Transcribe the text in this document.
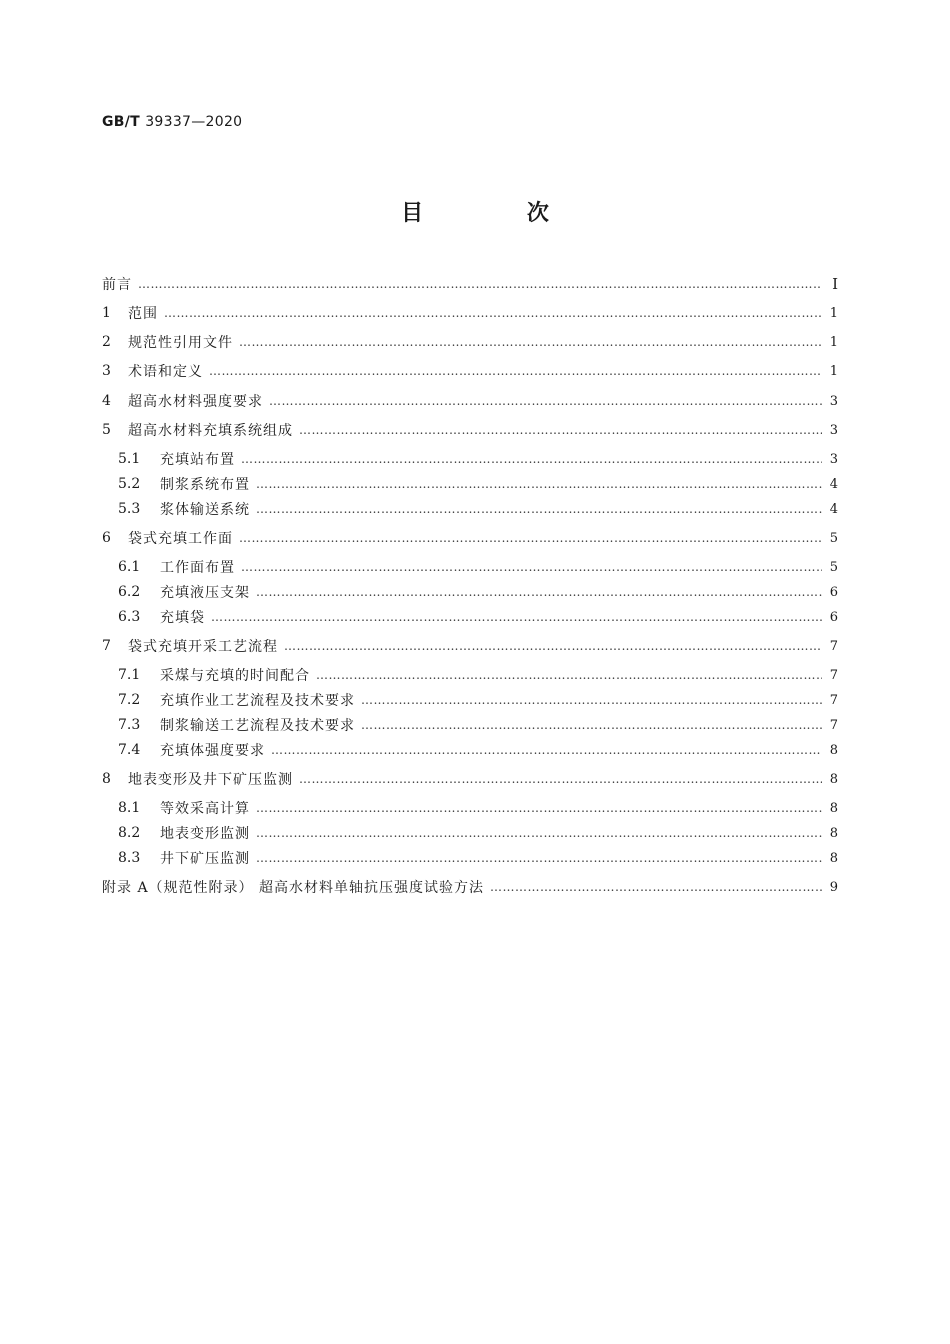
GB/T 39337—2020
目 次
前言 …………………………………………………………………………………………………………………………………………………………………………………………………………………………	I
1	范围 …………………………………………………………………………………………………………………………………………………………………………………………………………………………	1
2	规范性引用文件 …………………………………………………………………………………………………………………………………………………………………………………………………………………………	1
3	术语和定义 …………………………………………………………………………………………………………………………………………………………………………………………………………………………	1
4	超高水材料强度要求 …………………………………………………………………………………………………………………………………………………………………………………………………………………………	3
5	超高水材料充填系统组成 …………………………………………………………………………………………………………………………………………………………………………………………………………………………	3
5.1	充填站布置 …………………………………………………………………………………………………………………………………………………………………………………………………………………………	3
5.2	制浆系统布置 …………………………………………………………………………………………………………………………………………………………………………………………………………………………	4
5.3	浆体输送系统 …………………………………………………………………………………………………………………………………………………………………………………………………………………………	4
6	袋式充填工作面 …………………………………………………………………………………………………………………………………………………………………………………………………………………………	5
6.1	工作面布置 …………………………………………………………………………………………………………………………………………………………………………………………………………………………	5
6.2	充填液压支架 …………………………………………………………………………………………………………………………………………………………………………………………………………………………	6
6.3	充填袋 …………………………………………………………………………………………………………………………………………………………………………………………………………………………	6
7	袋式充填开采工艺流程 …………………………………………………………………………………………………………………………………………………………………………………………………………………………	7
7.1	采煤与充填的时间配合 …………………………………………………………………………………………………………………………………………………………………………………………………………………………	7
7.2	充填作业工艺流程及技术要求 …………………………………………………………………………………………………………………………………………………………………………………………………………………………	7
7.3	制浆输送工艺流程及技术要求 …………………………………………………………………………………………………………………………………………………………………………………………………………………………	7
7.4	充填体强度要求 …………………………………………………………………………………………………………………………………………………………………………………………………………………………	8
8	地表变形及井下矿压监测 …………………………………………………………………………………………………………………………………………………………………………………………………………………………	8
8.1	等效采高计算 …………………………………………………………………………………………………………………………………………………………………………………………………………………………	8
8.2	地表变形监测 …………………………………………………………………………………………………………………………………………………………………………………………………………………………	8
8.3	井下矿压监测 …………………………………………………………………………………………………………………………………………………………………………………………………………………………	8
附录 A（规范性附录） 超高水材料单轴抗压强度试验方法 …………………………………………………………………………………………………………………………………………………………………………………………………………………………	9
